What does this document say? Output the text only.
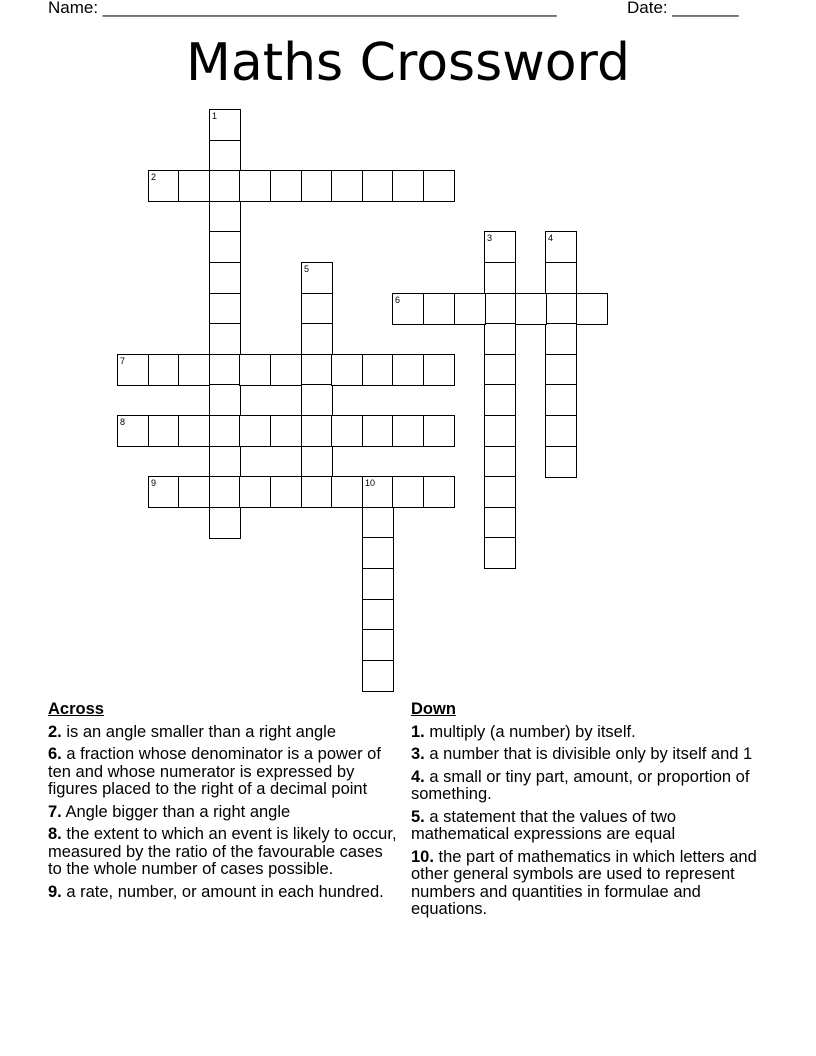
Name: ________________________________________________	Date: _______
Maths Crossword
1
2
3	4
5
6
7
8
9	10
Across
2. is an angle smaller than a right angle
6. a fraction whose denominator is a power of ten and whose numerator is expressed by figures placed to the right of a decimal point
7. Angle bigger than a right angle
8. the extent to which an event is likely to occur, measured by the ratio of the favourable cases to the whole number of cases possible.
9. a rate, number, or amount in each hundred.
Down
1. multiply (a number) by itself.
3. a number that is divisible only by itself and 1
4. a small or tiny part, amount, or proportion of something.
5. a statement that the values of two mathematical expressions are equal
10. the part of mathematics in which letters and other general symbols are used to represent numbers and quantities in formulae and equations.
